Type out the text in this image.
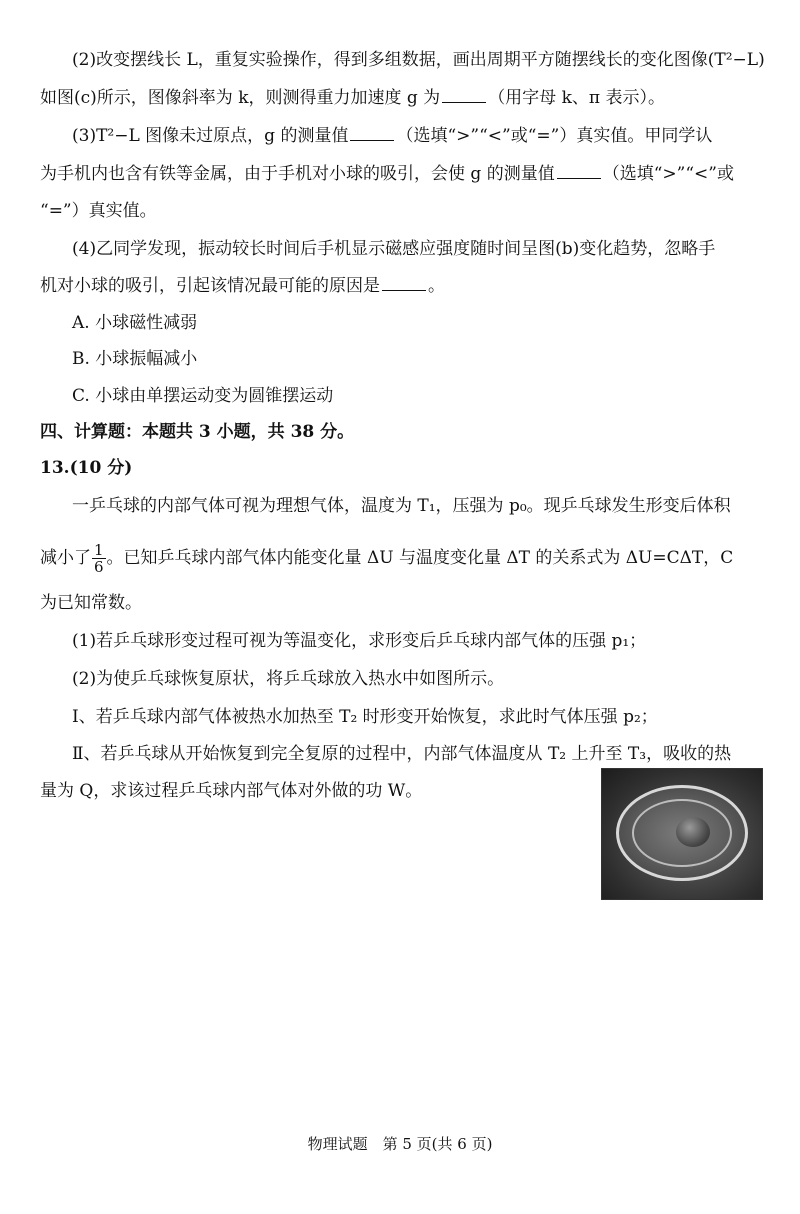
(2)改变摆线长 L，重复实验操作，得到多组数据，画出周期平方随摆线长的变化图像(T²−L)
如图(c)所示，图像斜率为 k，则测得重力加速度 g 为	（用字母 k、π 表示）。
(3)T²−L 图像未过原点，g 的测量值	（选填“>”“<”或“=”）真实值。甲同学认
为手机内也含有铁等金属，由于手机对小球的吸引，会使 g 的测量值	（选填“>”“<”或
“=”）真实值。
(4)乙同学发现，振动较长时间后手机显示磁感应强度随时间呈图(b)变化趋势，忽略手
机对小球的吸引，引起该情况最可能的原因是	。
A. 小球磁性减弱
B. 小球振幅减小
C. 小球由单摆运动变为圆锥摆运动
四、计算题：本题共 3 小题，共 38 分。
13.(10 分)
一乒乓球的内部气体可视为理想气体，温度为 T₁，压强为 p₀。现乒乓球发生形变后体积
减小了 $\frac{1}{6}$ 。已知乒乓球内部气体内能变化量 ΔU 与温度变化量 ΔT 的关系式为 ΔU=CΔT，C
为已知常数。
(1)若乒乓球形变过程可视为等温变化，求形变后乒乓球内部气体的压强 p₁；
(2)为使乒乓球恢复原状，将乒乓球放入热水中如图所示。
Ⅰ、若乒乓球内部气体被热水加热至 T₂ 时形变开始恢复，求此时气体压强 p₂；
Ⅱ、若乒乓球从开始恢复到完全复原的过程中，内部气体温度从 T₂ 上升至 T₃，吸收的热
量为 Q，求该过程乒乓球内部气体对外做的功 W。
物理试题　第 5 页(共 6 页)
